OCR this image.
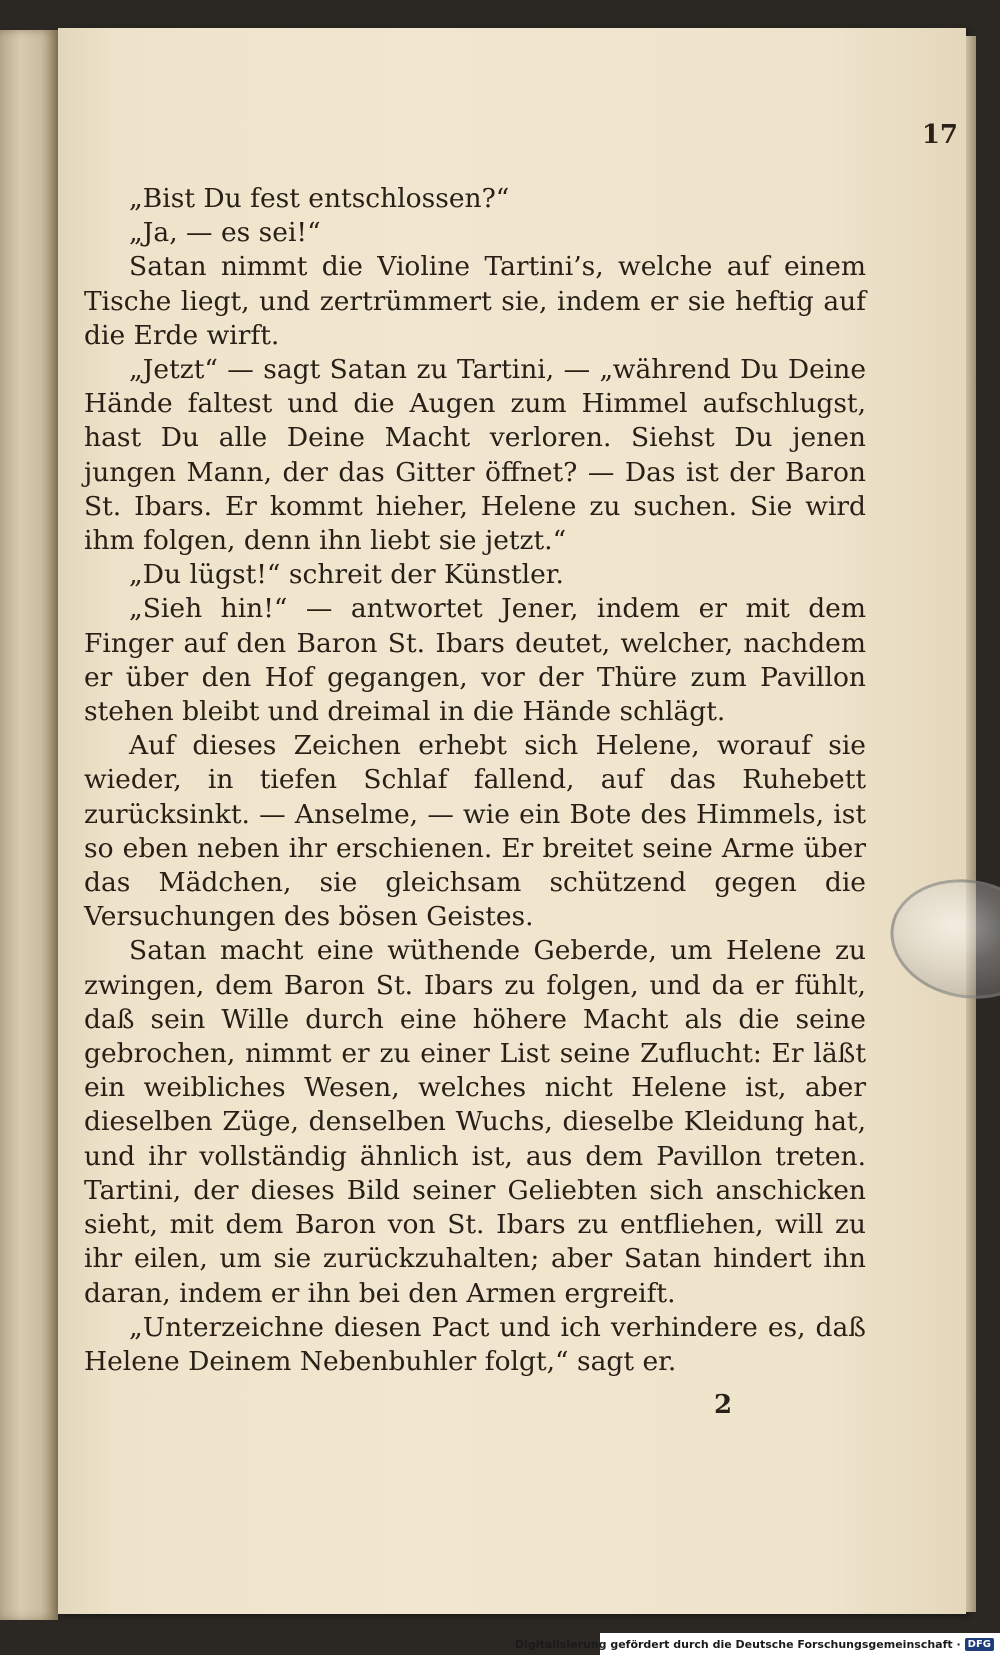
17

„Bist Du fest entschlossen?“

„Ja, — es sei!“

Satan nimmt die Violine Tartini’s, welche auf einem Tische liegt, und zertrümmert sie, indem er sie heftig auf die Erde wirft.

„Jetzt“ — sagt Satan zu Tartini, — „während Du Deine Hände faltest und die Augen zum Himmel aufschlugst, hast Du alle Deine Macht verloren. Siehst Du jenen jungen Mann, der das Gitter öffnet? — Das ist der Baron St. Ibars. Er kommt hieher, Helene zu suchen. Sie wird ihm folgen, denn ihn liebt sie jetzt.“

„Du lügst!“ schreit der Künstler.

„Sieh hin!“ — antwortet Jener, indem er mit dem Finger auf den Baron St. Ibars deutet, welcher, nachdem er über den Hof gegangen, vor der Thüre zum Pavillon stehen bleibt und dreimal in die Hände schlägt.

Auf dieses Zeichen erhebt sich Helene, worauf sie wieder, in tiefen Schlaf fallend, auf das Ruhebett zurücksinkt. — Anselme, — wie ein Bote des Himmels, ist so eben neben ihr erschienen. Er breitet seine Arme über das Mädchen, sie gleichsam schützend gegen die Versuchungen des bösen Geistes.

Satan macht eine wüthende Geberde, um Helene zu zwingen, dem Baron St. Ibars zu folgen, und da er fühlt, daß sein Wille durch eine höhere Macht als die seine gebrochen, nimmt er zu einer List seine Zuflucht: Er läßt ein weibliches Wesen, welches nicht Helene ist, aber dieselben Züge, denselben Wuchs, dieselbe Kleidung hat, und ihr vollständig ähnlich ist, aus dem Pavillon treten. Tartini, der dieses Bild seiner Geliebten sich anschicken sieht, mit dem Baron von St. Ibars zu entfliehen, will zu ihr eilen, um sie zurückzuhalten; aber Satan hindert ihn daran, indem er ihn bei den Armen ergreift.

„Unterzeichne diesen Pact und ich verhindere es, daß Helene Deinem Nebenbuhler folgt,“ sagt er.

2
Digitalisierung gefördert durch die Deutsche Forschungsgemeinschaft · DFG
